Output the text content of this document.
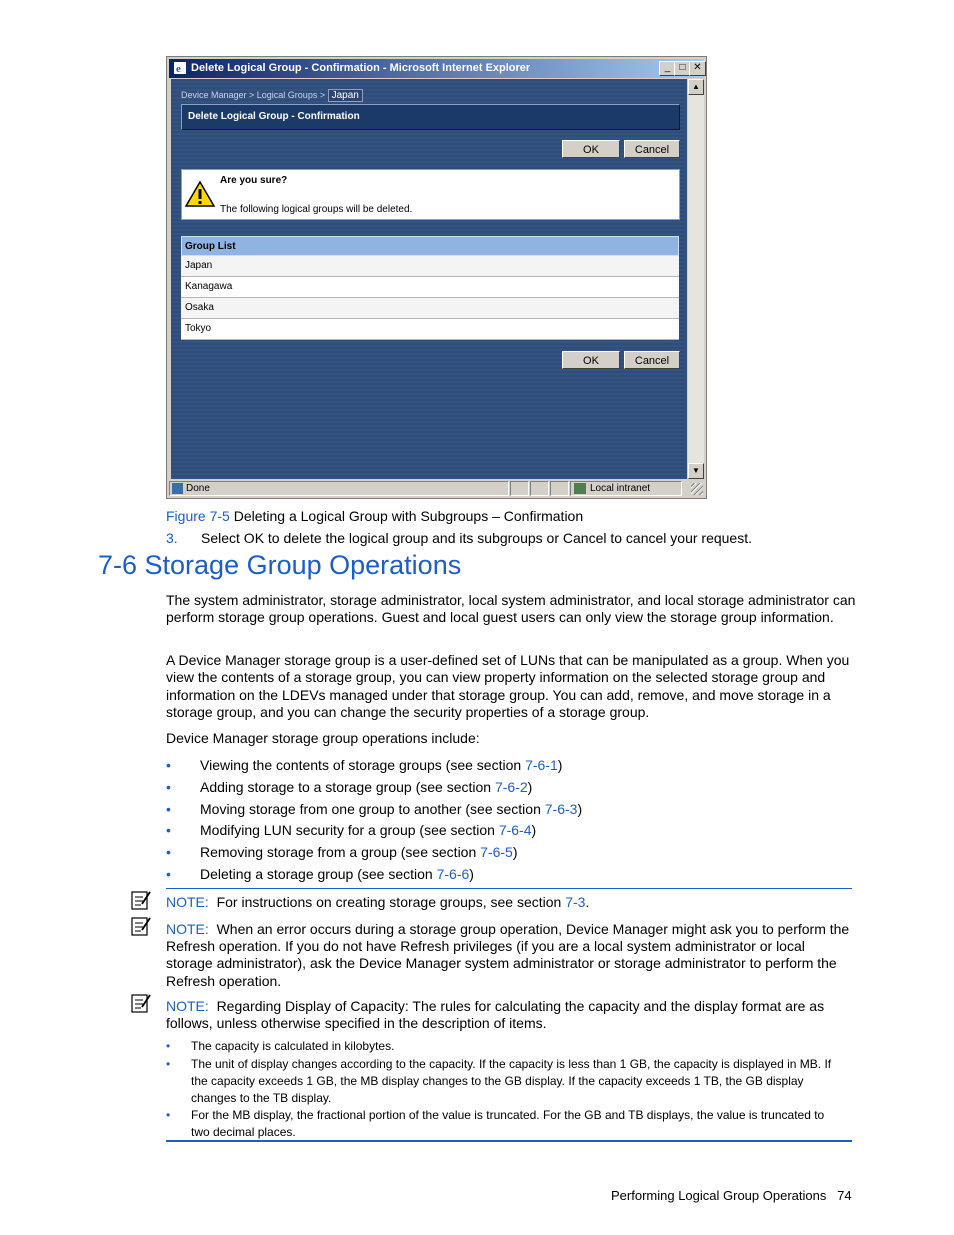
e Delete Logical Group - Confirmation - Microsoft Internet Explorer	_ □ ✕
Device Manager > Logical Groups > Japan
Delete Logical Group - Confirmation
OK	Cancel
Are you sure?
The following logical groups will be deleted.
Group List
Japan
Kanagawa
Osaka
Tokyo
OK	Cancel
▲
▼
Done	Local intranet
Figure 7-5 Deleting a Logical Group with Subgroups – Confirmation
3. Select OK to delete the logical group and its subgroups or Cancel to cancel your request.
7-6 Storage Group Operations
The system administrator, storage administrator, local system administrator, and local storage administrator can perform storage group operations. Guest and local guest users can only view the storage group information.
A Device Manager storage group is a user-defined set of LUNs that can be manipulated as a group. When you view the contents of a storage group, you can view property information on the selected storage group and information on the LDEVs managed under that storage group. You can add, remove, and move storage in a storage group, and you can change the security properties of a storage group.
Device Manager storage group operations include:
• Viewing the contents of storage groups (see section 7-6-1)
• Adding storage to a storage group (see section 7-6-2)
• Moving storage from one group to another (see section 7-6-3)
• Modifying LUN security for a group (see section 7-6-4)
• Removing storage from a group (see section 7-6-5)
• Deleting a storage group (see section 7-6-6)
NOTE: For instructions on creating storage groups, see section 7-3.
NOTE: When an error occurs during a storage group operation, Device Manager might ask you to perform the Refresh operation. If you do not have Refresh privileges (if you are a local system administrator or local storage administrator), ask the Device Manager system administrator or storage administrator to perform the Refresh operation.
NOTE: Regarding Display of Capacity: The rules for calculating the capacity and the display format are as follows, unless otherwise specified in the description of items.
• The capacity is calculated in kilobytes.
• The unit of display changes according to the capacity. If the capacity is less than 1 GB, the capacity is displayed in MB. If the capacity exceeds 1 GB, the MB display changes to the GB display. If the capacity exceeds 1 TB, the GB display changes to the TB display.
• For the MB display, the fractional portion of the value is truncated. For the GB and TB displays, the value is truncated to two decimal places.
Performing Logical Group Operations   74
